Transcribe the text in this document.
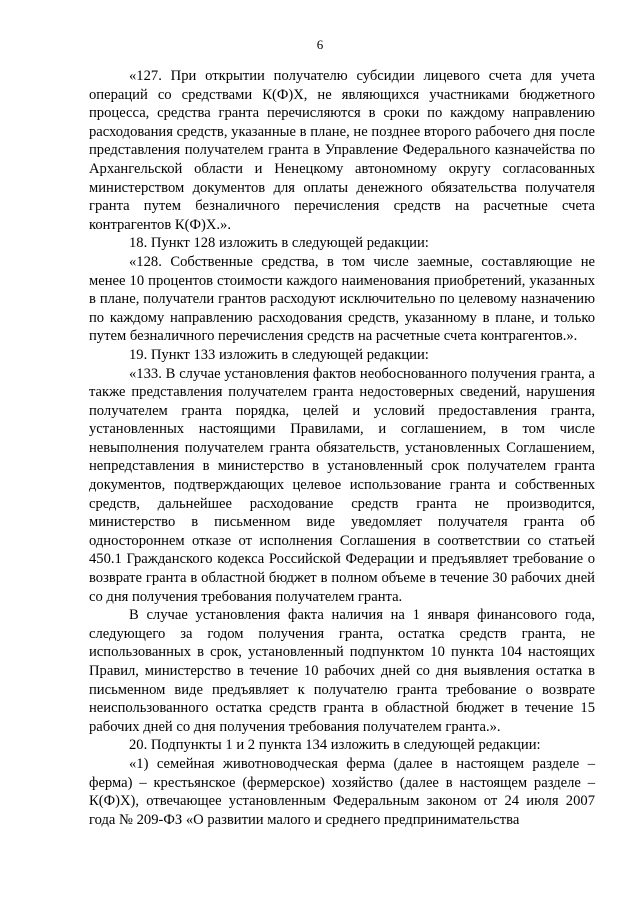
6

«127. При открытии получателю субсидии лицевого счета для учета операций со средствами К(Ф)Х, не являющихся участниками бюджетного процесса, средства гранта перечисляются в сроки по каждому направлению расходования средств, указанные в плане, не позднее второго рабочего дня после представления получателем гранта в Управление Федерального казначейства по Архангельской области и Ненецкому автономному округу согласованных министерством документов для оплаты денежного обязательства получателя гранта путем безналичного перечисления средств на расчетные счета контрагентов К(Ф)Х.».

18. Пункт 128 изложить в следующей редакции:

«128. Собственные средства, в том числе заемные, составляющие не менее 10 процентов стоимости каждого наименования приобретений, указанных в плане, получатели грантов расходуют исключительно по целевому назначению по каждому направлению расходования средств, указанному в плане, и только путем безналичного перечисления средств на расчетные счета контрагентов.».

19. Пункт 133 изложить в следующей редакции:

«133. В случае установления фактов необоснованного получения гранта, а также представления получателем гранта недостоверных сведений, нарушения получателем гранта порядка, целей и условий предоставления гранта, установленных настоящими Правилами, и соглашением, в том числе невыполнения получателем гранта обязательств, установленных Соглашением, непредставления в министерство в установленный срок получателем гранта документов, подтверждающих целевое использование гранта и собственных средств, дальнейшее расходование средств гранта не производится, министерство в письменном виде уведомляет получателя гранта об одностороннем отказе от исполнения Соглашения в соответствии со статьей 450.1 Гражданского кодекса Российской Федерации и предъявляет требование о возврате гранта в областной бюджет в полном объеме в течение 30 рабочих дней со дня получения требования получателем гранта.

В случае установления факта наличия на 1 января финансового года, следующего за годом получения гранта, остатка средств гранта, не использованных в срок, установленный подпунктом 10 пункта 104 настоящих Правил, министерство в течение 10 рабочих дней со дня выявления остатка в письменном виде предъявляет к получателю гранта требование о возврате неиспользованного остатка средств гранта в областной бюджет в течение 15 рабочих дней со дня получения требования получателем гранта.».

20. Подпункты 1 и 2 пункта 134 изложить в следующей редакции:

«1) семейная животноводческая ферма (далее в настоящем разделе – ферма) – крестьянское (фермерское) хозяйство (далее в настоящем разделе – К(Ф)Х), отвечающее установленным Федеральным законом от 24 июля 2007 года № 209-ФЗ «О развитии малого и среднего предпринимательства
